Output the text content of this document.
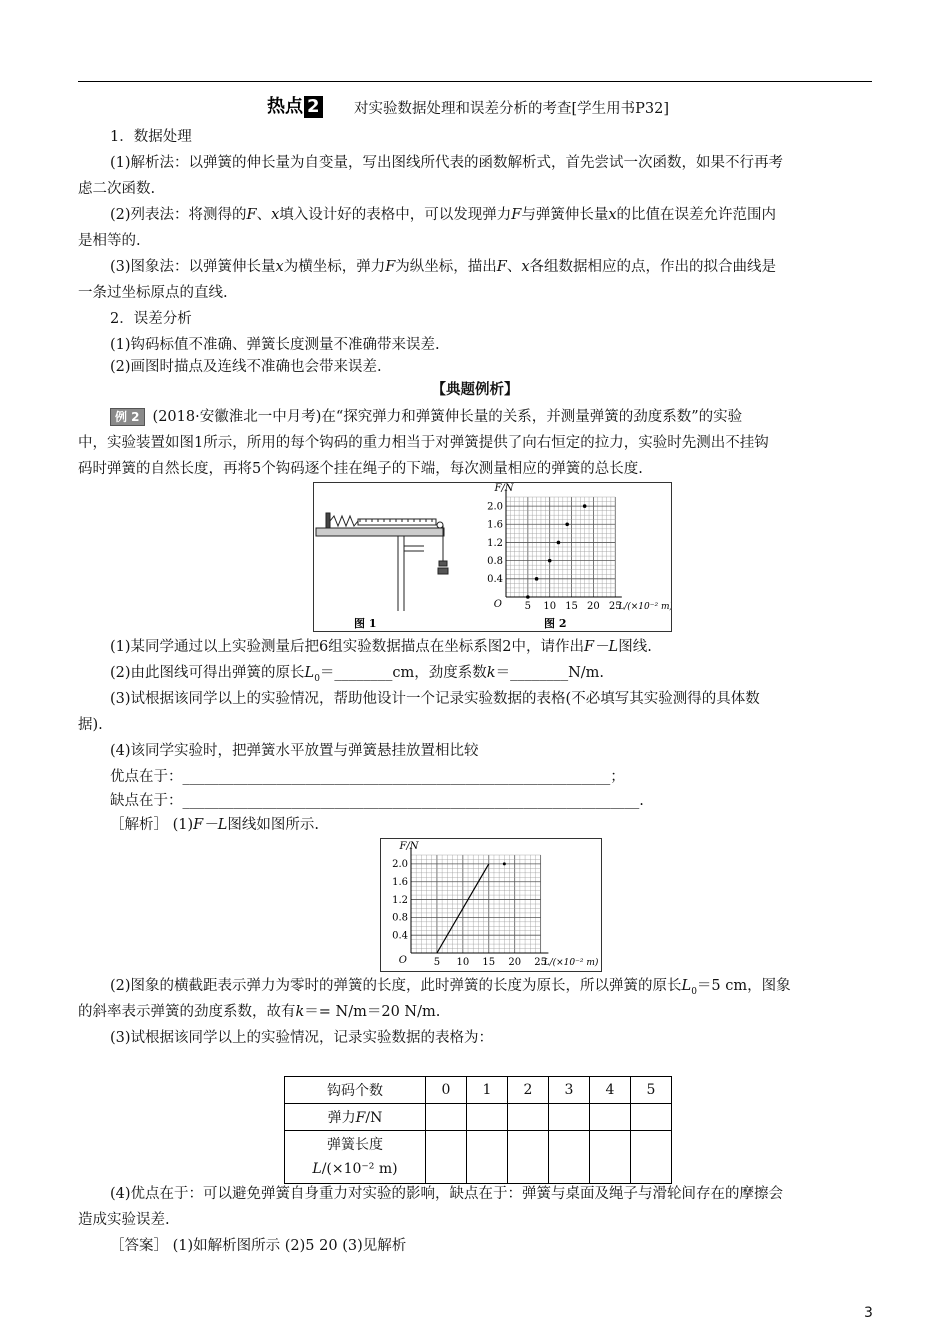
热点 2 对实验数据处理和误差分析的考查[学生用书P32]
1．数据处理
(1)解析法：以弹簧的伸长量为自变量，写出图线所代表的函数解析式，首先尝试一次函数，如果不行再考
虑二次函数.
(2)列表法：将测得的F、x填入设计好的表格中，可以发现弹力F与弹簧伸长量x的比值在误差允许范围内
是相等的.
(3)图象法：以弹簧伸长量x为横坐标，弹力F为纵坐标，描出F、x各组数据相应的点，作出的拟合曲线是
一条过坐标原点的直线.
2．误差分析
(1)钩码标值不准确、弹簧长度测量不准确带来误差.
(2)画图时描点及连线不准确也会带来误差.
【典题例析】
例 2 (2018·安徽淮北一中月考)在“探究弹力和弹簧伸长量的关系，并测量弹簧的劲度系数”的实验
中，实验装置如图1所示，所用的每个钩码的重力相当于对弹簧提供了向右恒定的拉力，实验时先测出不挂钩
码时弹簧的自然长度，再将5个钩码逐个挂在绳子的下端，每次测量相应的弹簧的总长度.
图 1	图 2
5 10 15 20 25
0.4
0.8
1.2
1.6
2.0
O
F/N
L/(×10⁻² m)
(1)某同学通过以上实验测量后把6组实验数据描点在坐标系图2中，请作出F－L图线.
(2)由此图线可得出弹簧的原长$L_0=\_\_\_\_\_\_\_\_cm$，劲度系数k＝________N/m.
(3)试根据该同学以上的实验情况，帮助他设计一个记录实验数据的表格(不必填写其实验测得的具体数
据).
(4)该同学实验时，把弹簧水平放置与弹簧悬挂放置相比较
优点在于：___________________________________________________________；
缺点在于：_______________________________________________________________.
［解析］ (1)F－L图线如图所示.
5 10 15 20 25
0.4
0.8
1.2
1.6
2.0
O
F/N
L/(×10⁻² m)
(2)图象的横截距表示弹力为零时的弹簧的长度，此时弹簧的长度为原长，所以弹簧的原长$L_0=5$ cm，图象
的斜率表示弹簧的劲度系数，故有k＝= N/m＝20 N/m.
(3)试根据该同学以上的实验情况，记录实验数据的表格为：
钩码个数	0	1	2	3	4	5
弹力F/N						
弹簧长度
L/(×10⁻² m)						
(4)优点在于：可以避免弹簧自身重力对实验的影响，缺点在于：弹簧与桌面及绳子与滑轮间存在的摩擦会
造成实验误差.
［答案］ (1)如解析图所示 (2)5 20 (3)见解析
3
